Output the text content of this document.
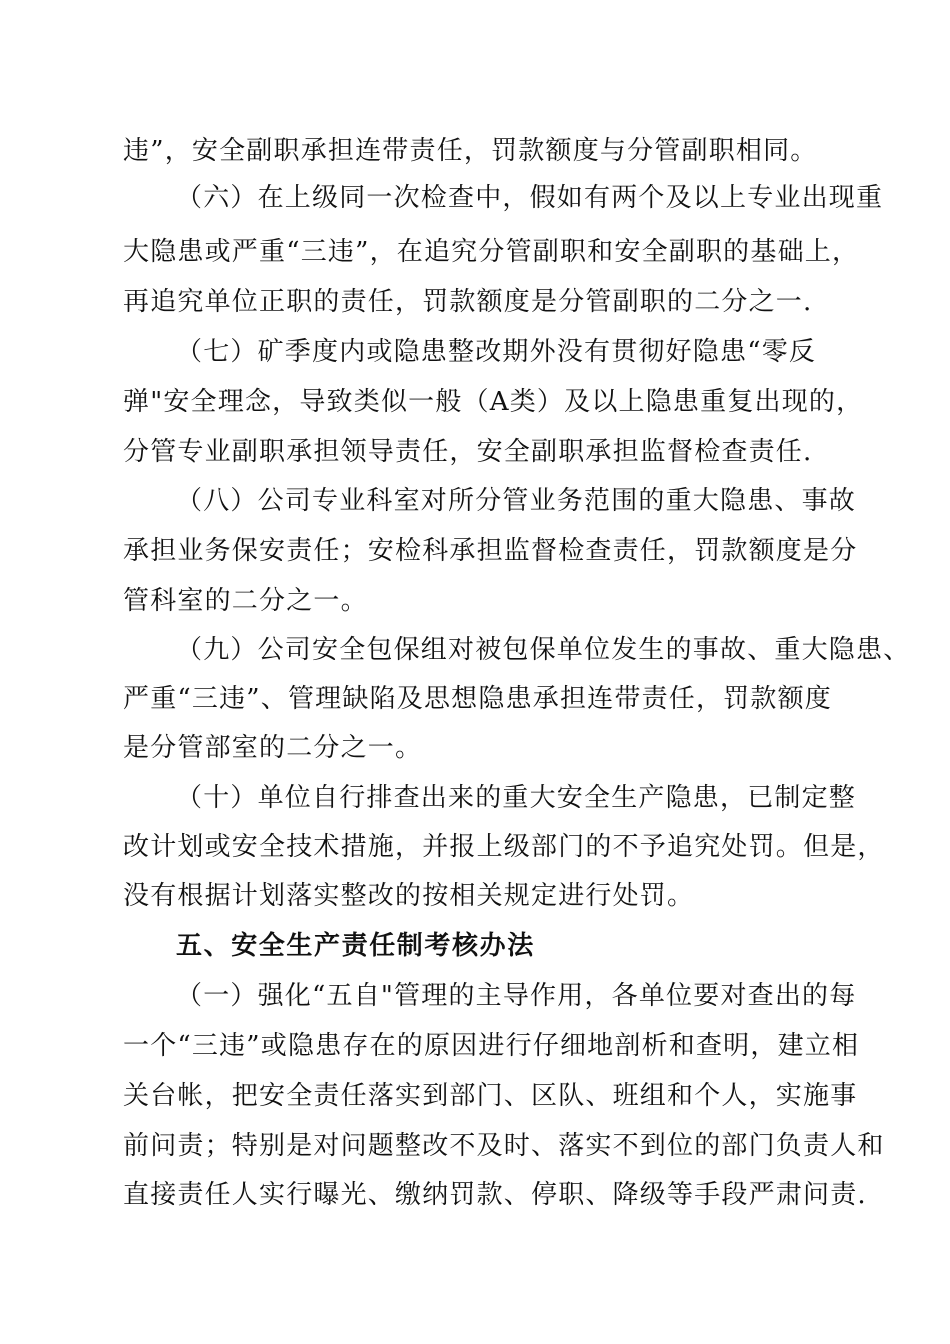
违”，安全副职承担连带责任，罚款额度与分管副职相同。
（六）在上级同一次检查中，假如有两个及以上专业出现重
大隐患或严重“三违”，在追究分管副职和安全副职的基础上，
再追究单位正职的责任，罚款额度是分管副职的二分之一.
（七）矿季度内或隐患整改期外没有贯彻好隐患“零反
弹"安全理念，导致类似一般（A类）及以上隐患重复出现的，
分管专业副职承担领导责任，安全副职承担监督检查责任.
（八）公司专业科室对所分管业务范围的重大隐患、事故
承担业务保安责任；安检科承担监督检查责任，罚款额度是分
管科室的二分之一。
（九）公司安全包保组对被包保单位发生的事故、重大隐患、
严重“三违”、管理缺陷及思想隐患承担连带责任，罚款额度
是分管部室的二分之一。
（十）单位自行排查出来的重大安全生产隐患，已制定整
改计划或安全技术措施，并报上级部门的不予追究处罚。但是，
没有根据计划落实整改的按相关规定进行处罚。
五、安全生产责任制考核办法
（一）强化“五自"管理的主导作用，各单位要对查出的每
一个“三违”或隐患存在的原因进行仔细地剖析和查明，建立相
关台帐，把安全责任落实到部门、区队、班组和个人，实施事
前问责；特别是对问题整改不及时、落实不到位的部门负责人和
直接责任人实行曝光、缴纳罚款、停职、降级等手段严肃问责.
